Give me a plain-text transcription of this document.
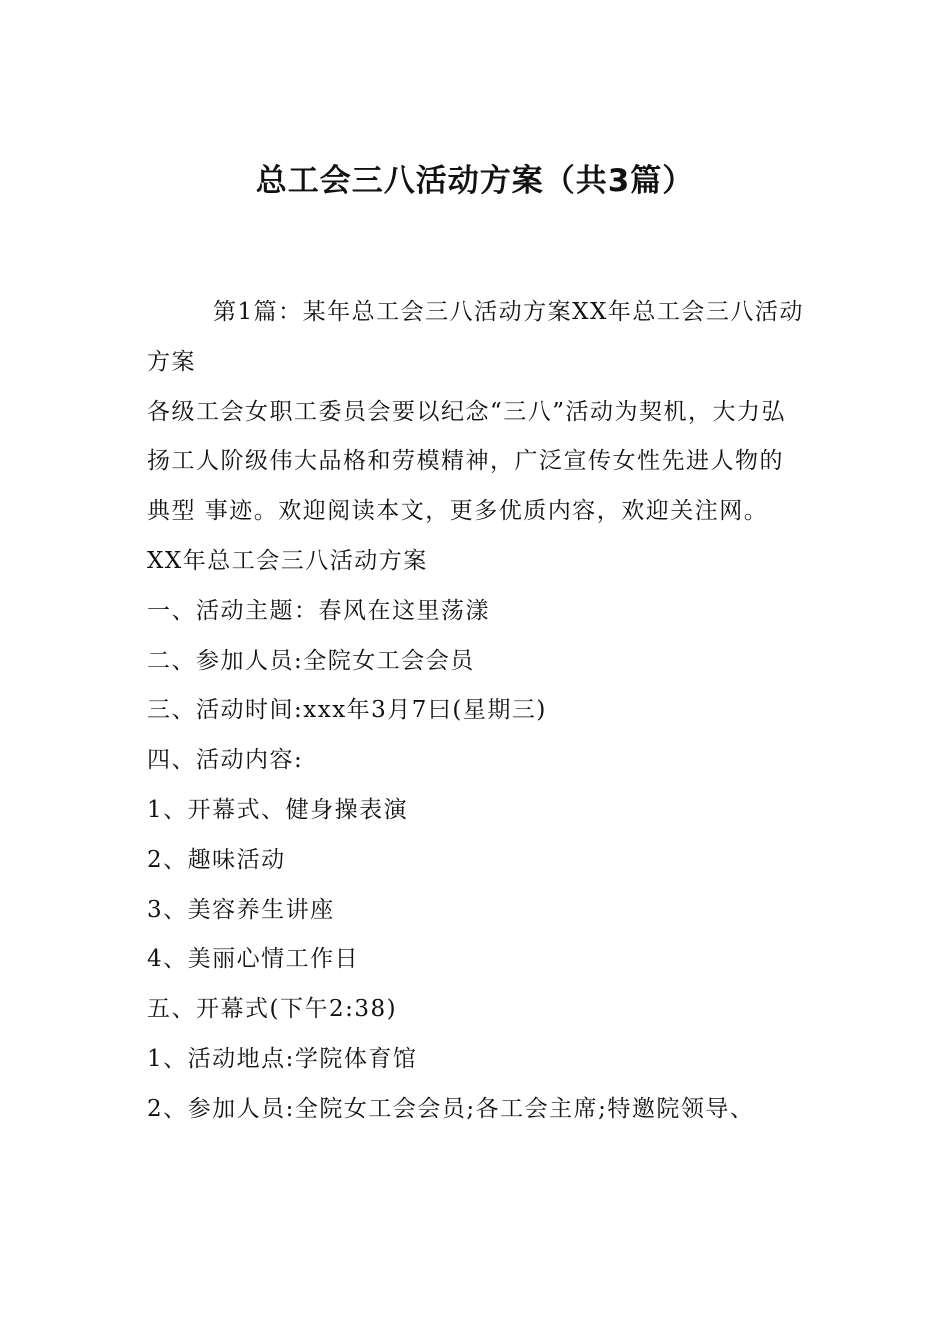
总工会三八活动方案（共3篇）

第1篇：某年总工会三八活动方案XX年总工会三八活动方案

各级工会女职工委员会要以纪念“三八”活动为契机，大力弘扬工人阶级伟大品格和劳模精神，广泛宣传女性先进人物的典型 事迹。欢迎阅读本文，更多优质内容，欢迎关注网。

XX年总工会三八活动方案

一、活动主题：春风在这里荡漾

二、参加人员:全院女工会会员

三、活动时间:xxx年3月7曰(星期三)

四、活动内容:

1、开幕式、健身操表演

2、趣味活动

3、美容养生讲座

4、美丽心情工作日

五、开幕式(下午2:38)

1、活动地点:学院体育馆

2、参加人员:全院女工会会员;各工会主席;特邀院领导、
